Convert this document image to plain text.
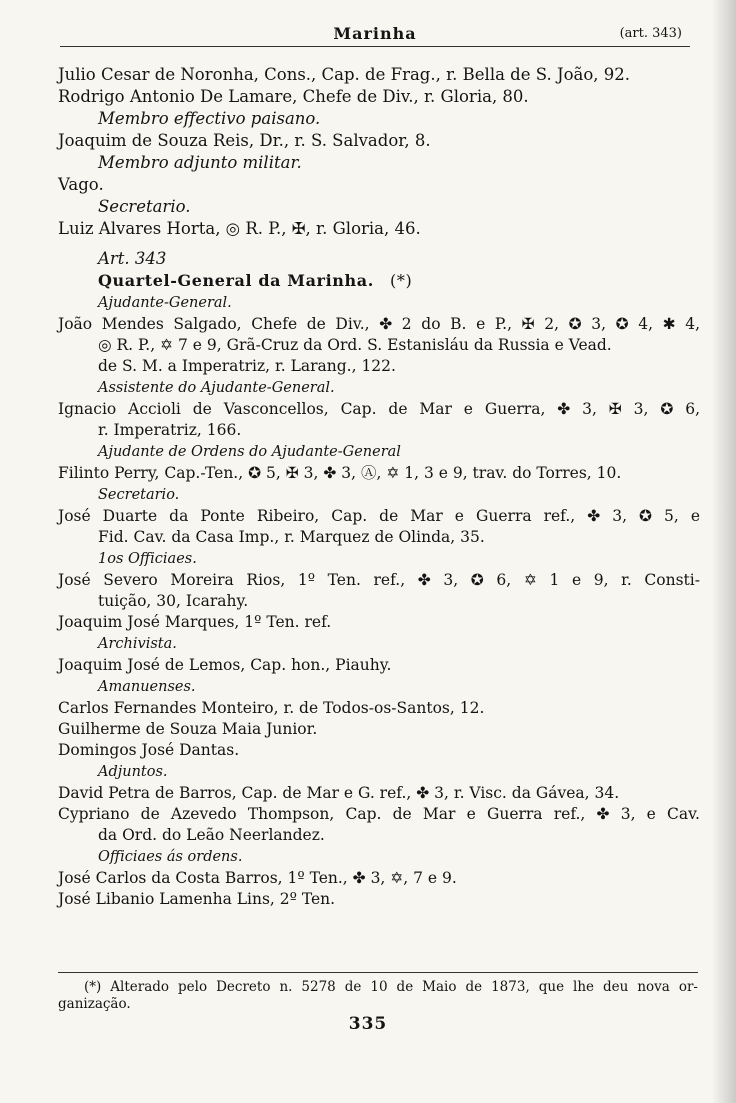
Marinha	(art. 343)
Julio Cesar de Noronha, Cons., Cap. de Frag., r. Bella de S. João, 92.
Rodrigo Antonio De Lamare, Chefe de Div., r. Gloria, 80.
Membro effectivo paisano.
Joaquim de Souza Reis, Dr., r. S. Salvador, 8.
Membro adjunto militar.
Vago.
Secretario.
Luiz Alvares Horta, ◎ R. P., ✠, r. Gloria, 46.
Art. 343
Quartel-General da Marinha. (*)
Ajudante-General.
João Mendes Salgado, Chefe de Div., ✤ 2 do B. e P., ✠ 2, ✪ 3, ✪ 4, ✱ 4,
◎ R. P., ✡ 7 e 9, Grã-Cruz da Ord. S. Estanisláu da Russia e Vead.
de S. M. a Imperatriz, r. Larang., 122.
Assistente do Ajudante-General.
Ignacio Accioli de Vasconcellos, Cap. de Mar e Guerra, ✤ 3, ✠ 3, ✪ 6,
r. Imperatriz, 166.
Ajudante de Ordens do Ajudante-General
Filinto Perry, Cap.-Ten., ✪ 5, ✠ 3, ✤ 3, Ⓐ, ✡ 1, 3 e 9, trav. do Torres, 10.
Secretario.
José Duarte da Ponte Ribeiro, Cap. de Mar e Guerra ref., ✤ 3, ✪ 5, e
Fid. Cav. da Casa Imp., r. Marquez de Olinda, 35.
1os Officiaes.
José Severo Moreira Rios, 1º Ten. ref., ✤ 3, ✪ 6, ✡ 1 e 9, r. Consti-
tuição, 30, Icarahy.
Joaquim José Marques, 1º Ten. ref.
Archivista.
Joaquim José de Lemos, Cap. hon., Piauhy.
Amanuenses.
Carlos Fernandes Monteiro, r. de Todos-os-Santos, 12.
Guilherme de Souza Maia Junior.
Domingos José Dantas.
Adjuntos.
David Petra de Barros, Cap. de Mar e G. ref., ✤ 3, r. Visc. da Gávea, 34.
Cypriano de Azevedo Thompson, Cap. de Mar e Guerra ref., ✤ 3, e Cav.
da Ord. do Leão Neerlandez.
Officiaes ás ordens.
José Carlos da Costa Barros, 1º Ten., ✤ 3, ✡, 7 e 9.
José Libanio Lamenha Lins, 2º Ten.
(*) Alterado pelo Decreto n. 5278 de 10 de Maio de 1873, que lhe deu nova or-
ganização.
335
